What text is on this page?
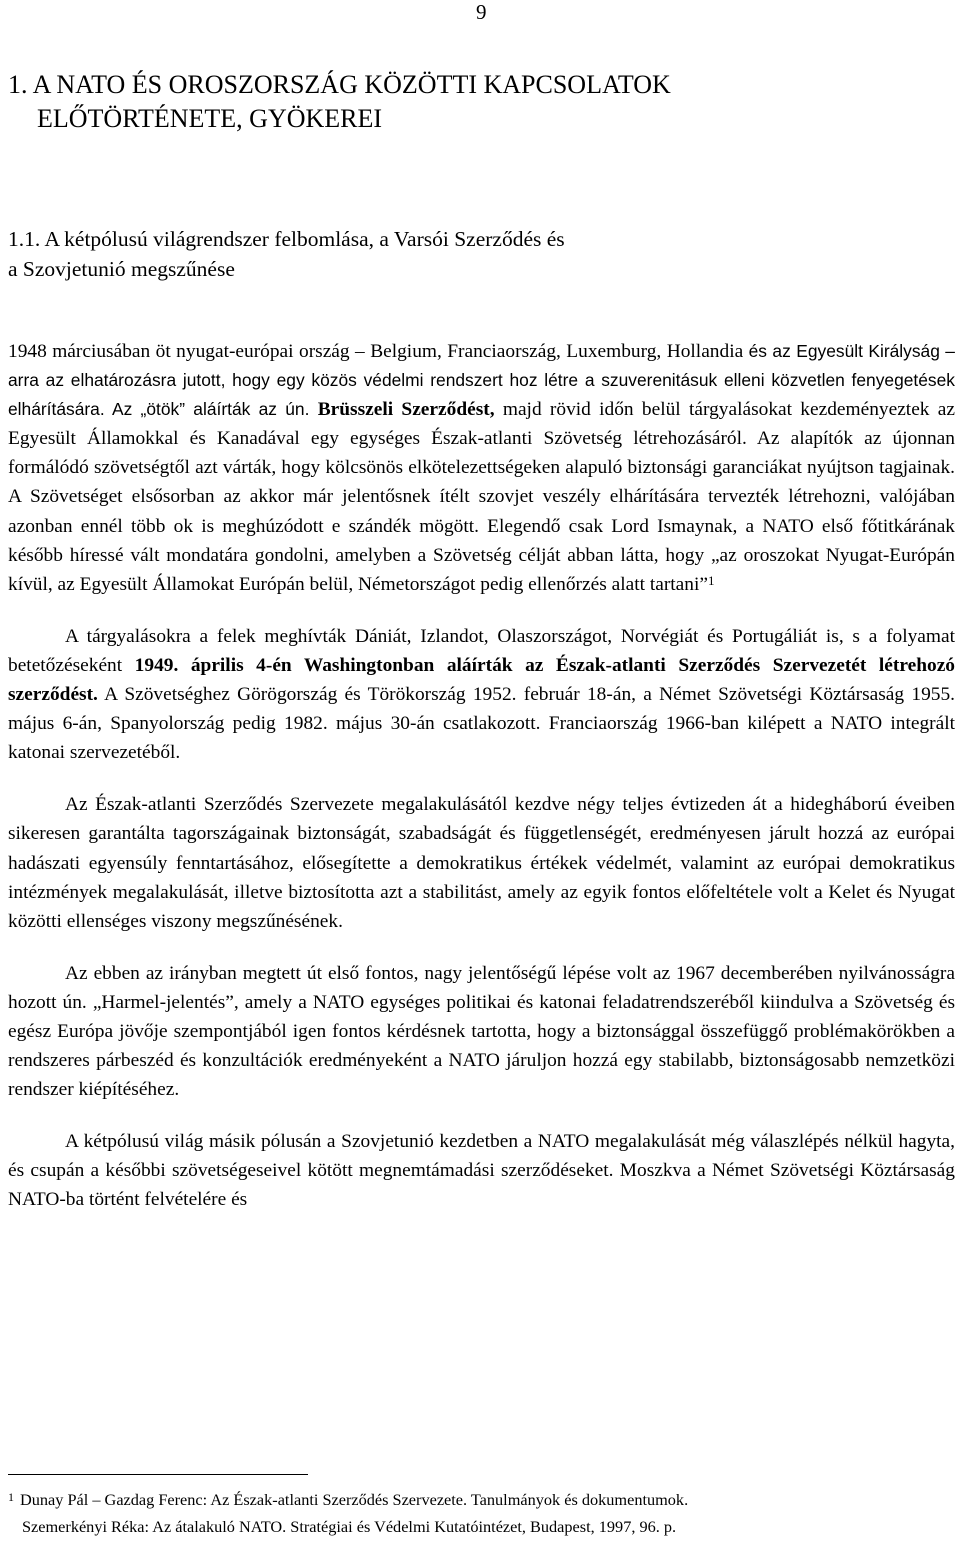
9
1. A NATO ÉS OROSZORSZÁG KÖZÖTTI KAPCSOLATOK
ELŐTÖRTÉNETE, GYÖKEREI
1.1. A kétpólusú világrendszer felbomlása, a Varsói Szerződés és
a Szovjetunió megszűnése

1948 márciusában öt nyugat-európai ország – Belgium, Franciaország, Luxemburg, Hollandia és az Egyesült Királyság – arra az elhatározásra jutott, hogy egy közös védelmi rendszert hoz létre a szuverenitásuk elleni közvetlen fenyegetések elhárítására. Az „ötök” aláírták az ún. Brüsszeli Szerződést, majd rövid időn belül tárgyalásokat kezdeményeztek az Egyesült Államokkal és Kanadával egy egységes Észak-atlanti Szövetség létrehozásáról. Az alapítók az újonnan formálódó szövetségtől azt várták, hogy kölcsönös elkötelezettségeken alapuló biztonsági garanciákat nyújtson tagjainak. A Szövetséget elsősorban az akkor már jelentősnek ítélt szovjet veszély elhárítására tervezték létrehozni, valójában azonban ennél több ok is meghúzódott e szándék mögött. Elegendő csak Lord Ismaynak, a NATO első főtitkárának később híressé vált mondatára gondolni, amelyben a Szövetség célját abban látta, hogy „az oroszokat Nyugat-Európán kívül, az Egyesült Államokat Európán belül, Németországot pedig ellenőrzés alatt tartani”$^1$

A tárgyalásokra a felek meghívták Dániát, Izlandot, Olaszországot, Norvégiát és Portugáliát is, s a folyamat betetőzéseként 1949. április 4-én Washingtonban aláírták az Észak-atlanti Szerződés Szervezetét létrehozó szerződést. A Szövetséghez Görögország és Törökország 1952. február 18-án, a Német Szövetségi Köztársaság 1955. május 6-án, Spanyolország pedig 1982. május 30-án csatlakozott. Franciaország 1966-ban kilépett a NATO integrált katonai szervezetéből.

Az Észak-atlanti Szerződés Szervezete megalakulásától kezdve négy teljes évtizeden át a hidegháború éveiben sikeresen garantálta tagországainak biztonságát, szabadságát és függetlenségét, eredményesen járult hozzá az európai hadászati egyensúly fenntartásához, elősegítette a demokratikus értékek védelmét, valamint az európai demokratikus intézmények megalakulását, illetve biztosította azt a stabilitást, amely az egyik fontos előfeltétele volt a Kelet és Nyugat közötti ellenséges viszony megszűnésének.

Az ebben az irányban megtett út első fontos, nagy jelentőségű lépése volt az 1967 decemberében nyilvánosságra hozott ún. „Harmel-jelentés”, amely a NATO egységes politikai és katonai feladatrendszeréből kiindulva a Szövetség és egész Európa jövője szempontjából igen fontos kérdésnek tartotta, hogy a biztonsággal összefüggő problémakörökben a rendszeres párbeszéd és konzultációk eredményeként a NATO járuljon hozzá egy stabilabb, biztonságosabb nemzetközi rendszer kiépítéséhez.

A kétpólusú világ másik pólusán a Szovjetunió kezdetben a NATO megalakulását még válaszlépés nélkül hagyta, és csupán a későbbi szövetségeseivel kötött megnemtámadási szerződéseket. Moszkva a Német Szövetségi Köztársaság NATO-ba történt felvételére és

$^1$ Dunay Pál – Gazdag Ferenc: Az Észak-atlanti Szerződés Szervezete. Tanulmányok és dokumentumok.

Szemerkényi Réka: Az átalakuló NATO. Stratégiai és Védelmi Kutatóintézet, Budapest, 1997, 96. p.
